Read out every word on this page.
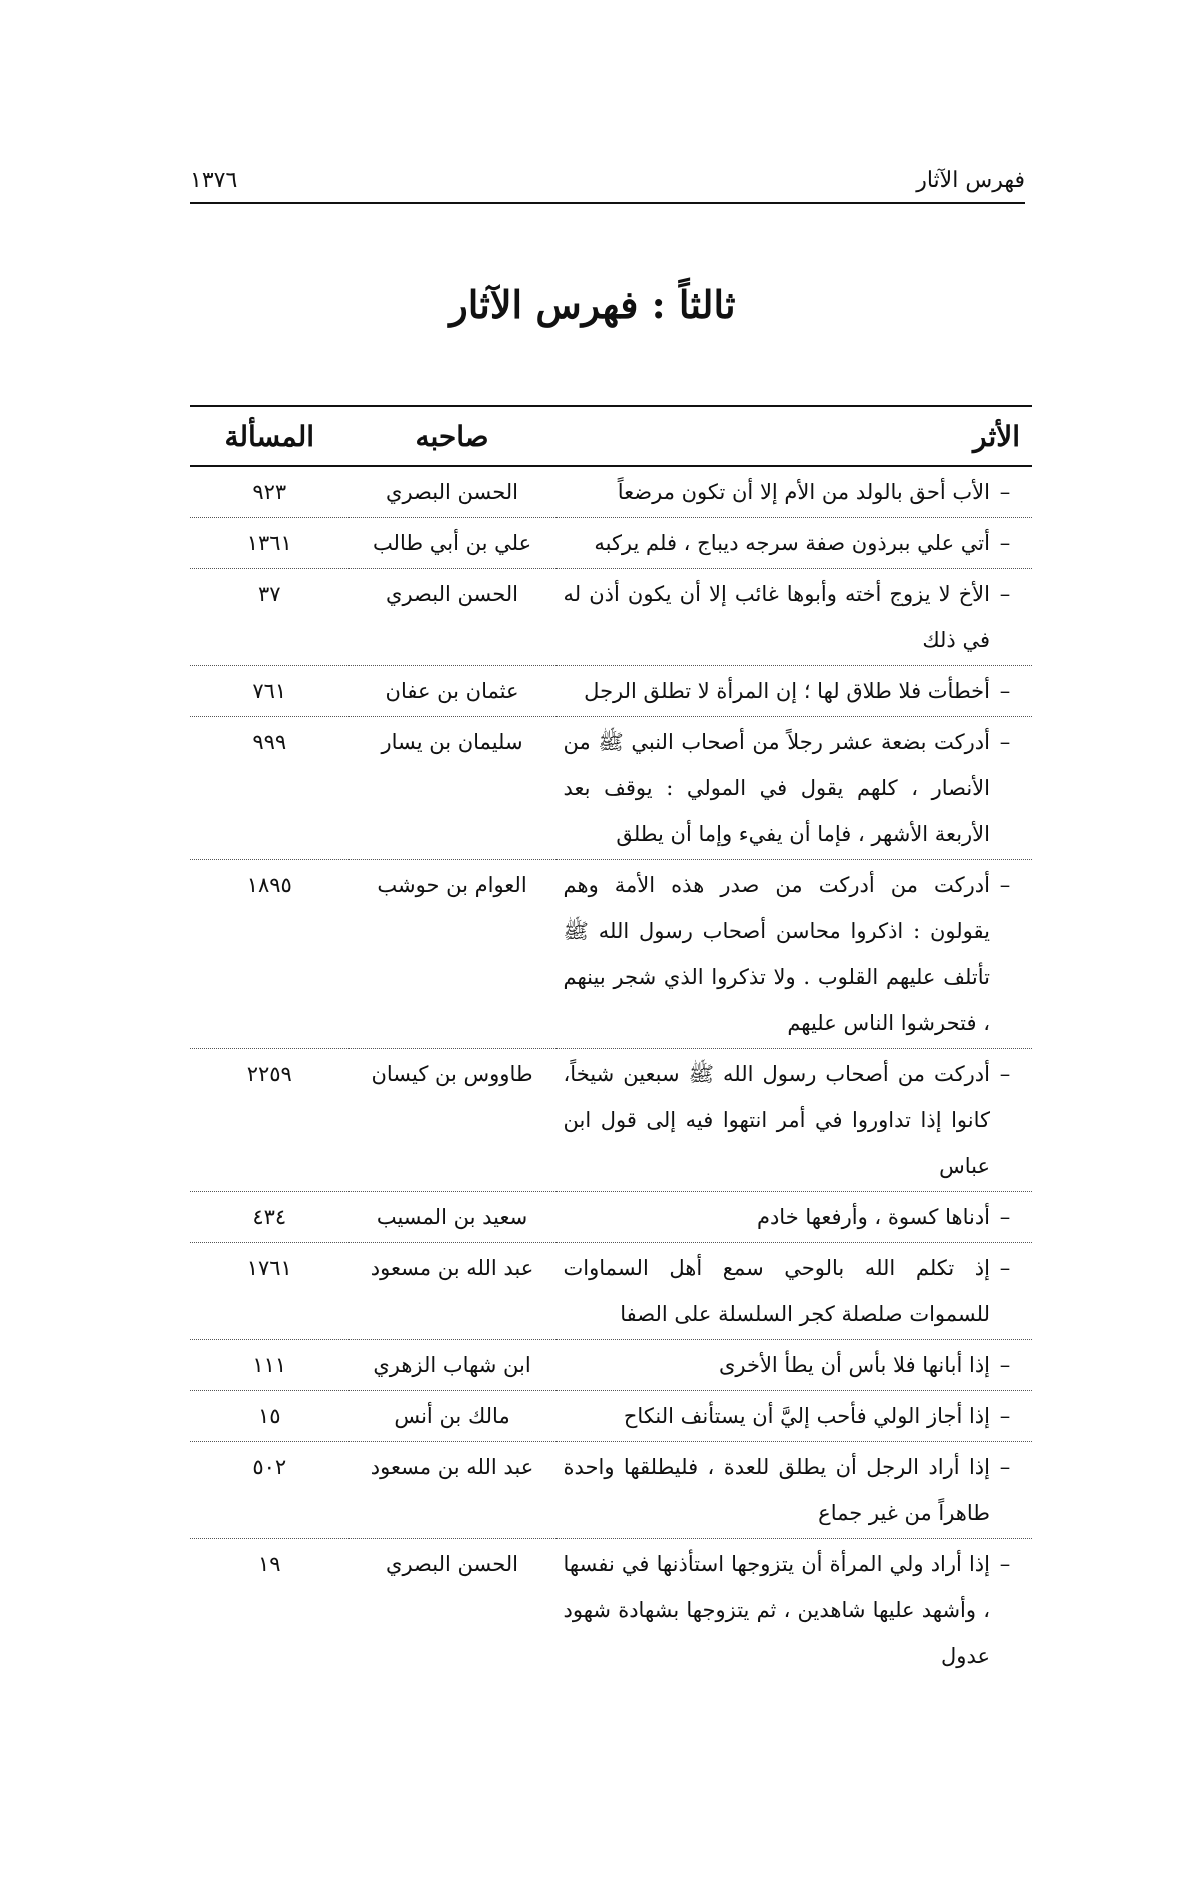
فهرس الآثار
١٣٧٦
ثالثاً : فهرس الآثار
الأثر	صاحبه	المسألة

–
الأب أحق بالولد من الأم إلا أن تكون مرضعاً	الحسن البصري	٩٢٣

–
أتي علي ببرذون صفة سرجه ديباج ، فلم يركبه	علي بن أبي طالب	١٣٦١

–
الأخ لا يزوج أخته وأبوها غائب إلا أن يكون أذن له في ذلك	الحسن البصري	٣٧

–
أخطأت فلا طلاق لها ؛ إن المرأة لا تطلق الرجل	عثمان بن عفان	٧٦١

–
أدركت بضعة عشر رجلاً من أصحاب النبي ﷺ من الأنصار ، كلهم يقول في المولي : يوقف بعد الأربعة الأشهر ، فإما أن يفيء وإما أن يطلق	سليمان بن يسار	٩٩٩

–
أدركت من أدركت من صدر هذه الأمة وهم يقولون : اذكروا محاسن أصحاب رسول الله ﷺ تأتلف عليهم القلوب . ولا تذكروا الذي شجر بينهم ، فتحرشوا الناس عليهم	العوام بن حوشب	١٨٩٥

–
أدركت من أصحاب رسول الله ﷺ سبعين شيخاً، كانوا إذا تداوروا في أمر انتهوا فيه إلى قول ابن عباس	طاووس بن كيسان	٢٢٥٩

–
أدناها كسوة ، وأرفعها خادم	سعيد بن المسيب	٤٣٤

–
إذ تكلم الله بالوحي سمع أهل السماوات للسموات صلصلة كجر السلسلة على الصفا	عبد الله بن مسعود	١٧٦١

–
إذا أبانها فلا بأس أن يطأ الأخرى	ابن شهاب الزهري	١١١

–
إذا أجاز الولي فأحب إليَّ أن يستأنف النكاح	مالك بن أنس	١٥

–
إذا أراد الرجل أن يطلق للعدة ، فليطلقها واحدة طاهراً من غير جماع	عبد الله بن مسعود	٥٠٢

–
إذا أراد ولي المرأة أن يتزوجها استأذنها في نفسها ، وأشهد عليها شاهدين ، ثم يتزوجها بشهادة شهود عدول	الحسن البصري	١٩
